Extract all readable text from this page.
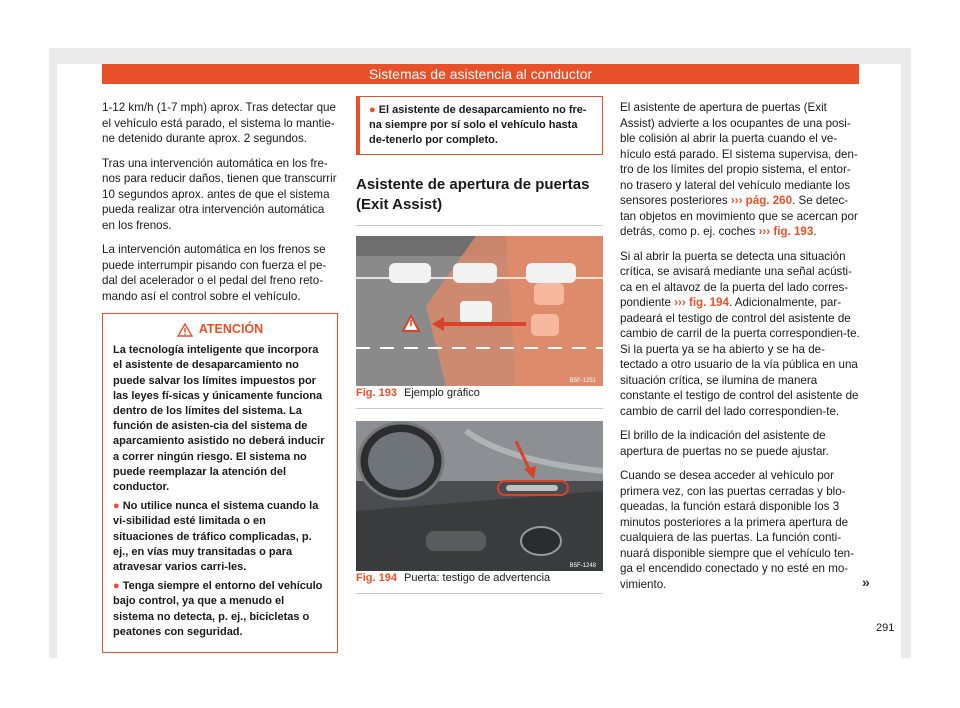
Sistemas de asistencia al conductor

1-12 km/h (1-7 mph) aprox. Tras detectar que el vehículo está parado, el sistema lo mantie-ne detenido durante aprox. 2 segundos.

Tras una intervención automática en los fre-nos para reducir daños, tienen que transcurrir 10 segundos aprox. antes de que el sistema pueda realizar otra intervención automática en los frenos.

La intervención automática en los frenos se puede interrumpir pisando con fuerza el pe-dal del acelerador o el pedal del freno reto-mando así el control sobre el vehículo.

ATENCIÓN

La tecnología inteligente que incorpora el asistente de desaparcamiento no puede salvar los límites impuestos por las leyes fí-sicas y únicamente funciona dentro de los límites del sistema. La función de asisten-cia del sistema de aparcamiento asistido no deberá inducir a correr ningún riesgo. El sistema no puede reemplazar la atención del conductor.

● No utilice nunca el sistema cuando la vi-sibilidad esté limitada o en situaciones de tráfico complicadas, p. ej., en vías muy transitadas o para atravesar varios carri-les.

● Tenga siempre el entorno del vehículo bajo control, ya que a menudo el sistema no detecta, p. ej., bicicletas o peatones con seguridad.

● El asistente de desaparcamiento no fre-na siempre por sí solo el vehículo hasta de-tenerlo por completo.
Asistente de apertura de puertas (Exit Assist)
B5F-1251

Fig. 193 Ejemplo gráfico

B5F-1248

Fig. 194 Puerta: testigo de advertencia

El asistente de apertura de puertas (Exit Assist) advierte a los ocupantes de una posi-ble colisión al abrir la puerta cuando el ve-hículo está parado. El sistema supervisa, den-tro de los límites del propio sistema, el entor-no trasero y lateral del vehículo mediante los sensores posteriores ››› pág. 260. Se detec-tan objetos en movimiento que se acercan por detrás, como p. ej. coches ››› fig. 193.

Si al abrir la puerta se detecta una situación crítica, se avisará mediante una señal acústi-ca en el altavoz de la puerta del lado corres-pondiente ››› fig. 194. Adicionalmente, par-padeará el testigo de control del asistente de cambio de carril de la puerta correspondien-te. Si la puerta ya se ha abierto y se ha de-tectado a otro usuario de la vía pública en una situación crítica, se ilumina de manera constante el testigo de control del asistente de cambio de carril del lado correspondien-te.

El brillo de la indicación del asistente de apertura de puertas no se puede ajustar.

Cuando se desea acceder al vehículo por primera vez, con las puertas cerradas y blo-queadas, la función estará disponible los 3 minutos posteriores a la primera apertura de cualquiera de las puertas. La función conti-nuará disponible siempre que el vehículo ten-ga el encendido conectado y no esté en mo-vimiento.	»
291
